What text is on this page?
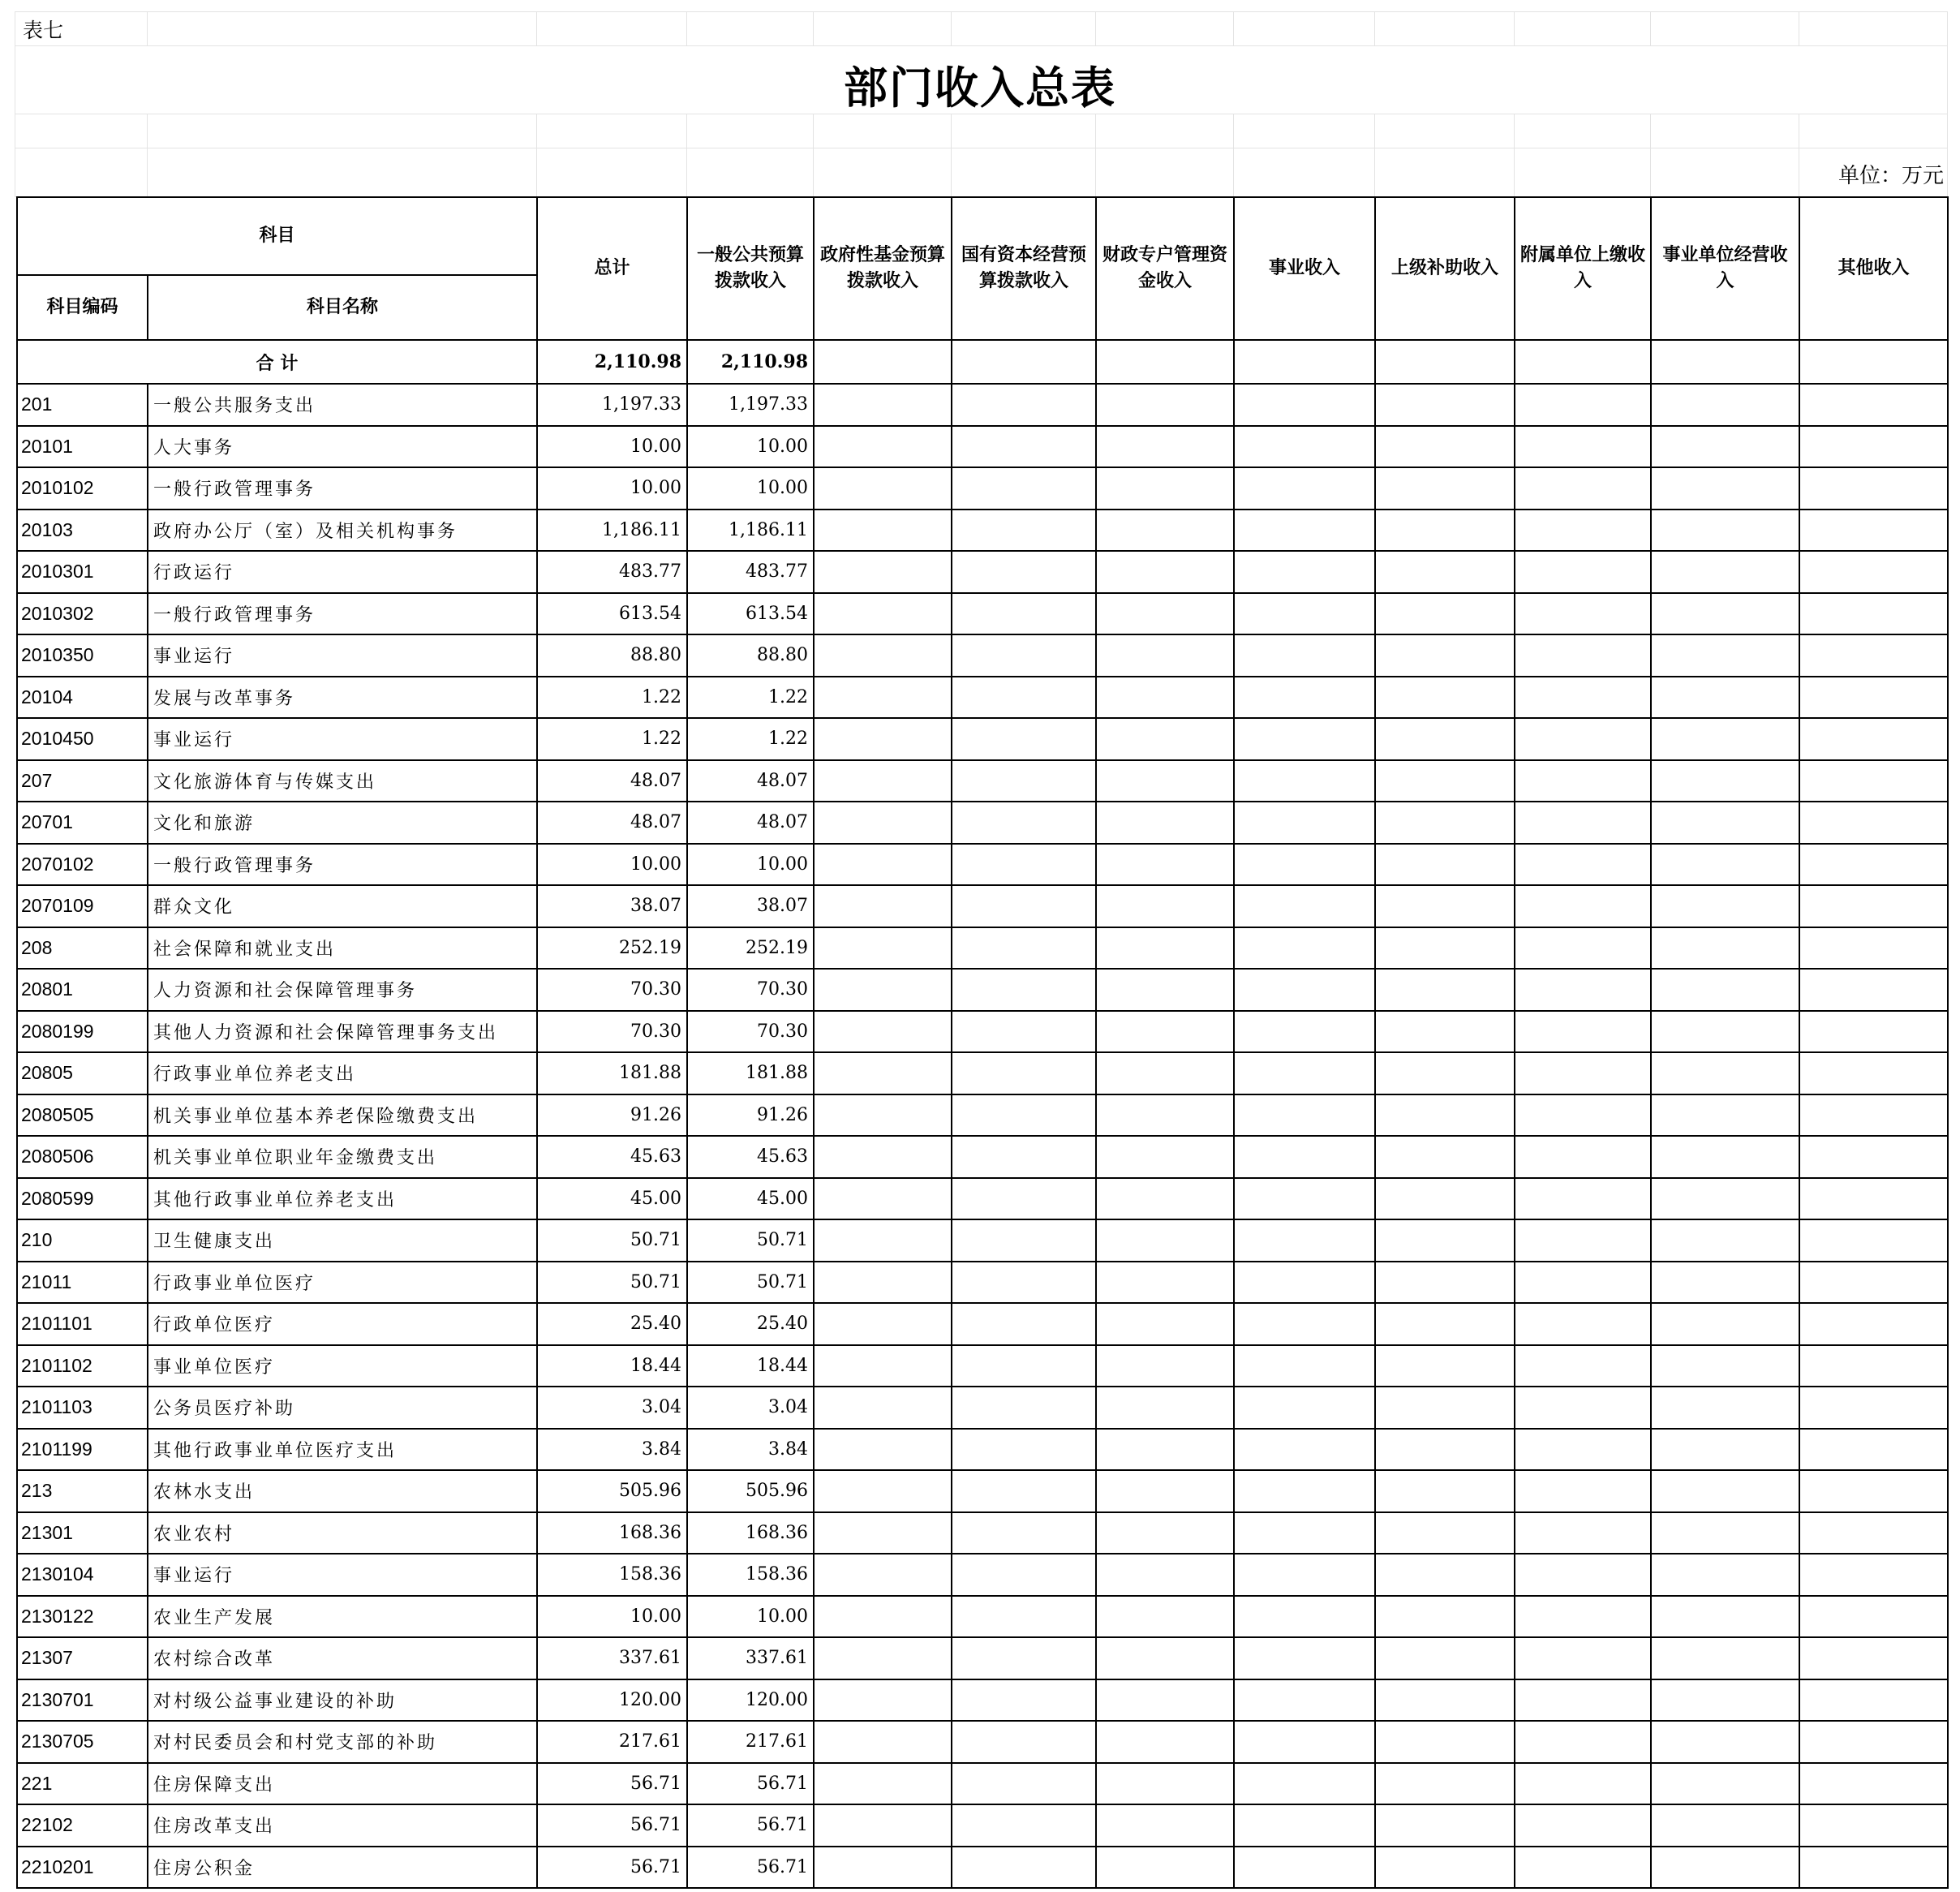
表七
部门收入总表
单位：万元
科目		总计	一般公共预算拨款收入	政府性基金预算拨款收入	国有资本经营预算拨款收入	财政专户管理资金收入	事业收入	上级补助收入	附属单位上缴收入	事业单位经营收入	其他收入
科目编码	科目名称										
合 计		2,110.98	2,110.98								
201	一般公共服务支出	1,197.33	1,197.33								
20101	人大事务	10.00	10.00								
2010102	一般行政管理事务	10.00	10.00								
20103	政府办公厅（室）及相关机构事务	1,186.11	1,186.11								
2010301	行政运行	483.77	483.77								
2010302	一般行政管理事务	613.54	613.54								
2010350	事业运行	88.80	88.80								
20104	发展与改革事务	1.22	1.22								
2010450	事业运行	1.22	1.22								
207	文化旅游体育与传媒支出	48.07	48.07								
20701	文化和旅游	48.07	48.07								
2070102	一般行政管理事务	10.00	10.00								
2070109	群众文化	38.07	38.07								
208	社会保障和就业支出	252.19	252.19								
20801	人力资源和社会保障管理事务	70.30	70.30								
2080199	其他人力资源和社会保障管理事务支出	70.30	70.30								
20805	行政事业单位养老支出	181.88	181.88								
2080505	机关事业单位基本养老保险缴费支出	91.26	91.26								
2080506	机关事业单位职业年金缴费支出	45.63	45.63								
2080599	其他行政事业单位养老支出	45.00	45.00								
210	卫生健康支出	50.71	50.71								
21011	行政事业单位医疗	50.71	50.71								
2101101	行政单位医疗	25.40	25.40								
2101102	事业单位医疗	18.44	18.44								
2101103	公务员医疗补助	3.04	3.04								
2101199	其他行政事业单位医疗支出	3.84	3.84								
213	农林水支出	505.96	505.96								
21301	农业农村	168.36	168.36								
2130104	事业运行	158.36	158.36								
2130122	农业生产发展	10.00	10.00								
21307	农村综合改革	337.61	337.61								
2130701	对村级公益事业建设的补助	120.00	120.00								
2130705	对村民委员会和村党支部的补助	217.61	217.61								
221	住房保障支出	56.71	56.71								
22102	住房改革支出	56.71	56.71								
2210201	住房公积金	56.71	56.71								
